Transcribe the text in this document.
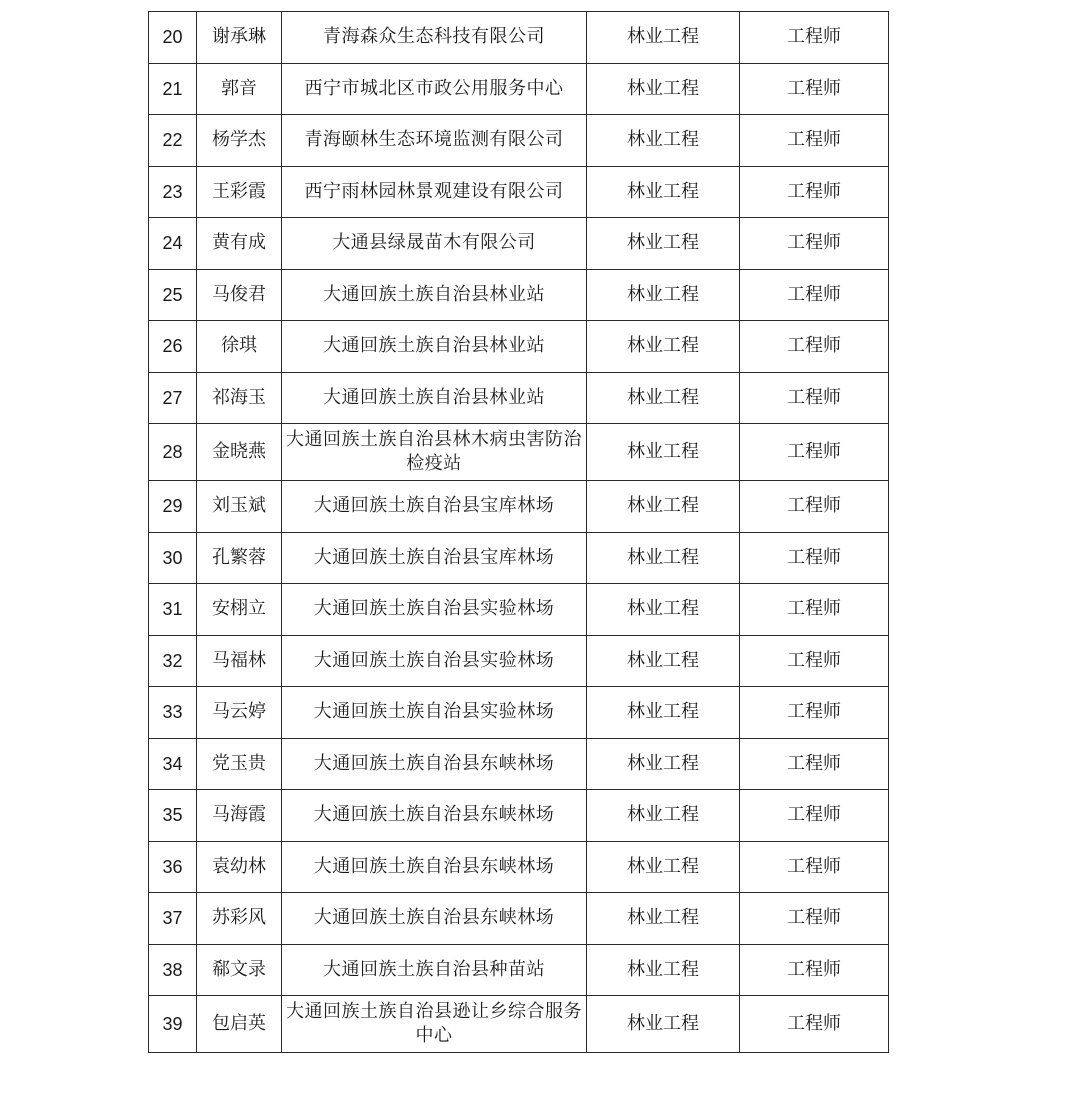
20	谢承琳	青海森众生态科技有限公司	林业工程	工程师
21	郭音	西宁市城北区市政公用服务中心	林业工程	工程师
22	杨学杰	青海颐林生态环境监测有限公司	林业工程	工程师
23	王彩霞	西宁雨林园林景观建设有限公司	林业工程	工程师
24	黄有成	大通县绿晟苗木有限公司	林业工程	工程师
25	马俊君	大通回族土族自治县林业站	林业工程	工程师
26	徐琪	大通回族土族自治县林业站	林业工程	工程师
27	祁海玉	大通回族土族自治县林业站	林业工程	工程师
28	金晓燕	大通回族土族自治县林木病虫害防治检疫站	林业工程	工程师
29	刘玉斌	大通回族土族自治县宝库林场	林业工程	工程师
30	孔繁蓉	大通回族土族自治县宝库林场	林业工程	工程师
31	安栩立	大通回族土族自治县实验林场	林业工程	工程师
32	马福林	大通回族土族自治县实验林场	林业工程	工程师
33	马云婷	大通回族土族自治县实验林场	林业工程	工程师
34	党玉贵	大通回族土族自治县东峡林场	林业工程	工程师
35	马海霞	大通回族土族自治县东峡林场	林业工程	工程师
36	袁幼林	大通回族土族自治县东峡林场	林业工程	工程师
37	苏彩风	大通回族土族自治县东峡林场	林业工程	工程师
38	郗文录	大通回族土族自治县种苗站	林业工程	工程师
39	包启英	大通回族土族自治县逊让乡综合服务中心	林业工程	工程师
